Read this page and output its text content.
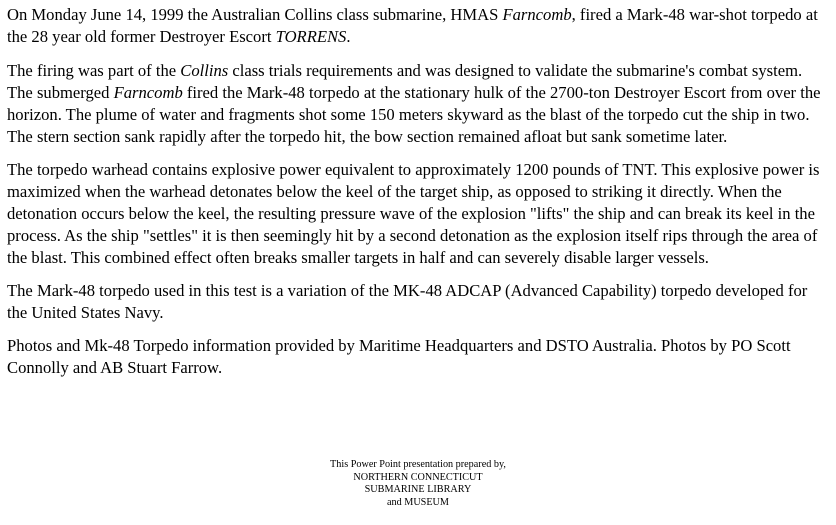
On Monday June 14, 1999 the Australian Collins class submarine, HMAS Farncomb, fired a Mark-48 war-shot torpedo at the 28 year old former Destroyer Escort TORRENS.

The firing was part of the Collins class trials requirements and was designed to validate the submarine's combat system. The submerged Farncomb fired the Mark-48 torpedo at the stationary hulk of the 2700-ton Destroyer Escort from over the horizon. The plume of water and fragments shot some 150 meters skyward as the blast of the torpedo cut the ship in two. The stern section sank rapidly after the torpedo hit, the bow section remained afloat but sank sometime later.

The torpedo warhead contains explosive power equivalent to approximately 1200 pounds of TNT. This explosive power is maximized when the warhead detonates below the keel of the target ship, as opposed to striking it directly. When the detonation occurs below the keel, the resulting pressure wave of the explosion "lifts" the ship and can break its keel in the process. As the ship "settles" it is then seemingly hit by a second detonation as the explosion itself rips through the area of the blast. This combined effect often breaks smaller targets in half and can severely disable larger vessels.

The Mark-48 torpedo used in this test is a variation of the MK-48 ADCAP (Advanced Capability) torpedo developed for the United States Navy.

Photos and Mk-48 Torpedo information provided by Maritime Headquarters and DSTO Australia. Photos by PO Scott Connolly and AB Stuart Farrow.

This Power Point presentation prepared by,
NORTHERN CONNECTICUT
SUBMARINE LIBRARY
and MUSEUM
